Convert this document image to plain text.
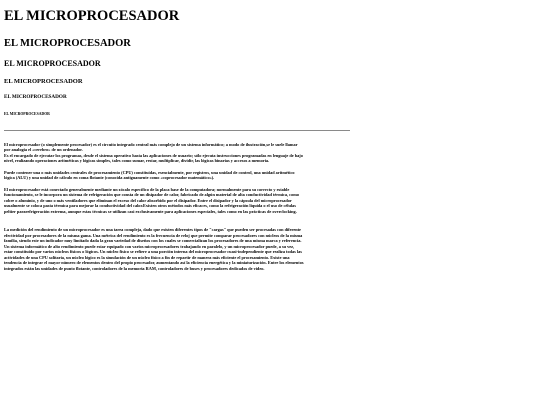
EL MICROPROCESADOR
EL MICROPROCESADOR
EL MICROPROCESADOR
EL MICROPROCESADOR
EL MICROPROCESADOR
EL MICROPROCESADOR

El microprocesador (o simplemente procesador) es el circuito integrado central más complejo de un sistema informático; a modo de ilustración,se le suele llamar por analogía el «cerebro» de un ordenador.

Es el encargado de ejecutar los programas, desde el sistema operativo hasta las aplicaciones de usuario; sólo ejecuta instrucciones programadas en lenguaje de bajo nivel, realizando operaciones aritméticas y lógicas simples, tales como sumar, restar, multiplicar, dividir, las lógicas binarias y accesos a memoria.

Puede contener una o más unidades centrales de procesamiento (CPU) constituidas, esencialmente, por registros, una unidad de control, una unidad aritmético lógica (ALU) y una unidad de cálculo en coma flotante (conocida antiguamente como «coprocesador matemático»).

El microprocesador está conectado generalmente mediante un zócalo específico de la placa base de la computadora; normalmente para su correcto y estable funcionamiento, se le incorpora un sistema de refrigeración que consta de un disipador de calor, fabricado de algún material de alta conductividad térmica, como cobre o aluminio, y de uno o más ventiladores que eliminan el exceso del calor absorbido por el disipador. Entre el disipador y la cápsula del microprocesador usualmente se coloca pasta térmica para mejorar la conductividad del calor.Existen otros métodos más eficaces, como la refrigeración líquida o el uso de células peltier pararefrigeración extrema, aunque estas técnicas se utilizan casi exclusivamente para aplicaciones especiales, tales como en las prácticas de overclocking.

La medición del rendimiento de un microprocesador es una tarea compleja, dado que existen diferentes tipos de "cargas" que pueden ser procesadas con diferente efectividad por procesadores de la misma gama. Una métrica del rendimiento es la frecuencia de reloj que permite comparar procesadores con núcleos de la misma familia, siendo este un indicador muy limitado dada la gran variedad de diseños con los cuales se comercializan los procesadores de una misma marca y referencia. Un sistema informático de alto rendimiento puede estar equipado con varios microprocesadores trabajando en paralelo, y un microprocesador puede, a su vez, estar constituido por varios núcleos físicos o lógicos. Un núcleo físico se refiere a una porción interna del microprocesador cuasi-independiente que realiza todas las actividades de una CPU solitaria, un núcleo lógico es la simulación de un núcleo físico a fin de repartir de manera más eficiente el procesamiento. Existe una tendencia de integrar el mayor número de elementos dentro del propio procesador, aumentando así la eficiencia energética y la miniaturización. Entre los elementos integrados están las unidades de punto flotante, controladores de la memoria RAM, controladores de buses y procesadores dedicados de vídeo.
